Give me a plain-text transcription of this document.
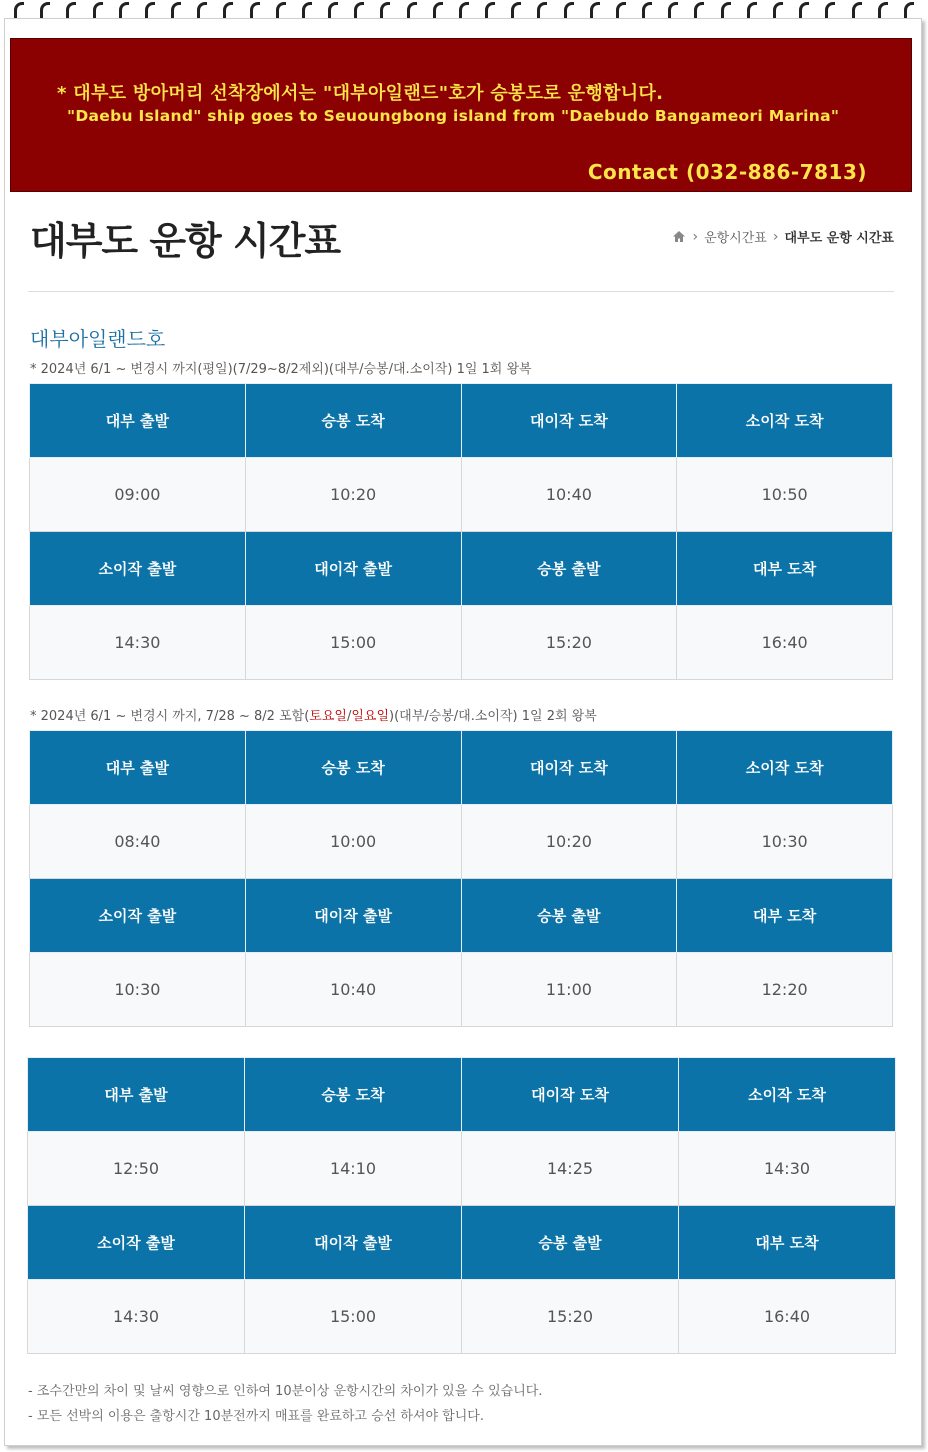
* 대부도 방아머리 선착장에서는 "대부아일랜드"호가 승봉도로 운행합니다.
"Daebu Island" ship goes to Seuoungbong island from "Daebudo Bangameori Marina"
Contact (032-886-7813)
대부도 운항 시간표	› 운항시간표 › 대부도 운항 시간표
대부아일랜드호
* 2024년 6/1 ~ 변경시 까지(평일)(7/29~8/2제외)(대부/승봉/대.소이작) 1일 1회 왕복
대부 출발	승봉 도착	대이작 도착	소이작 도착
09:00	10:20	10:40	10:50
소이작 출발	대이작 출발	승봉 출발	대부 도착
14:30	15:00	15:20	16:40
* 2024년 6/1 ~ 변경시 까지, 7/28 ~ 8/2 포함(토요일/일요일)(대부/승봉/대.소이작) 1일 2회 왕복
대부 출발	승봉 도착	대이작 도착	소이작 도착
08:40	10:00	10:20	10:30
소이작 출발	대이작 출발	승봉 출발	대부 도착
10:30	10:40	11:00	12:20
대부 출발	승봉 도착	대이작 도착	소이작 도착
12:50	14:10	14:25	14:30
소이작 출발	대이작 출발	승봉 출발	대부 도착
14:30	15:00	15:20	16:40
- 조수간만의 차이 및 날씨 영향으로 인하여 10분이상 운항시간의 차이가 있을 수 있습니다.
- 모든 선박의 이용은 출항시간 10분전까지 매표를 완료하고 승선 하셔야 합니다.
